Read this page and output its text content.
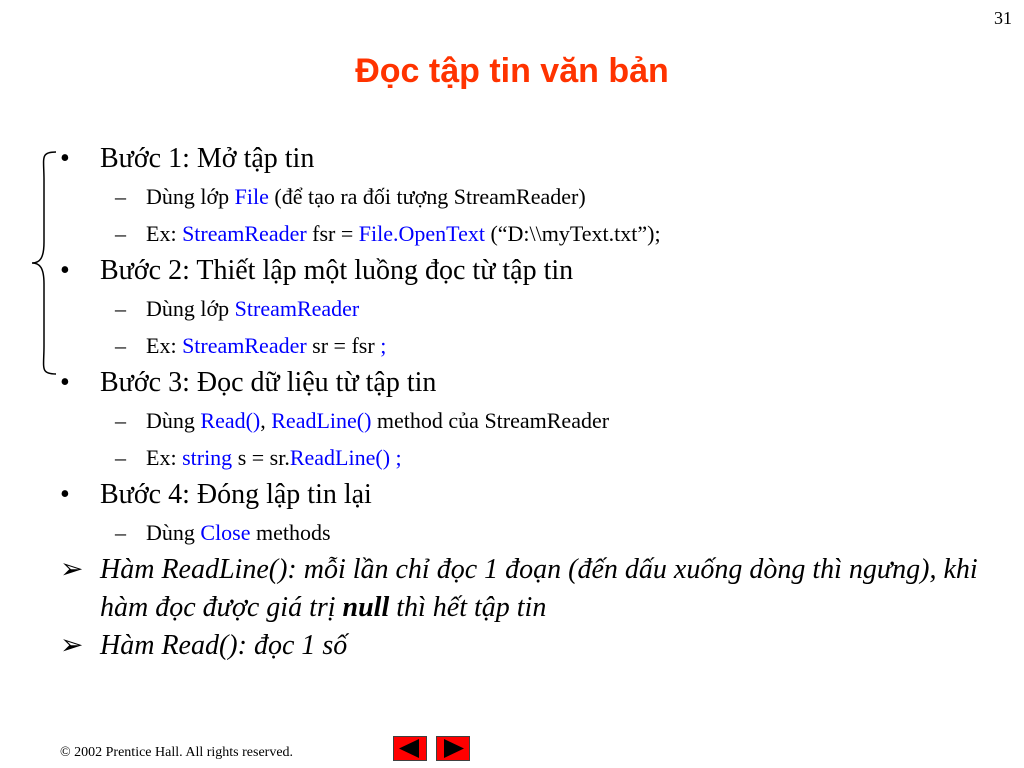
31
Đọc tập tin văn bản
•	Bước 1: Mở tập tin
– Dùng lớp File (để tạo ra đối tượng StreamReader)
– Ex: StreamReader fsr = File.OpenText (“D:\\myText.txt”);
•	Bước 2: Thiết lập một luồng đọc từ tập tin
– Dùng lớp StreamReader
– Ex: StreamReader sr = fsr ;
•	Bước 3: Đọc dữ liệu từ tập tin
– Dùng Read(), ReadLine() method của StreamReader
– Ex: string s = sr.ReadLine() ;
•	Bước 4: Đóng lập tin lại
– Dùng Close methods
➢ Hàm ReadLine(): mỗi lần chỉ đọc 1 đoạn (đến dấu xuống dòng thì ngưng), khi hàm đọc được giá trị null thì hết tập tin
➢ Hàm Read(): đọc 1 số
© 2002 Prentice Hall. All rights reserved.
